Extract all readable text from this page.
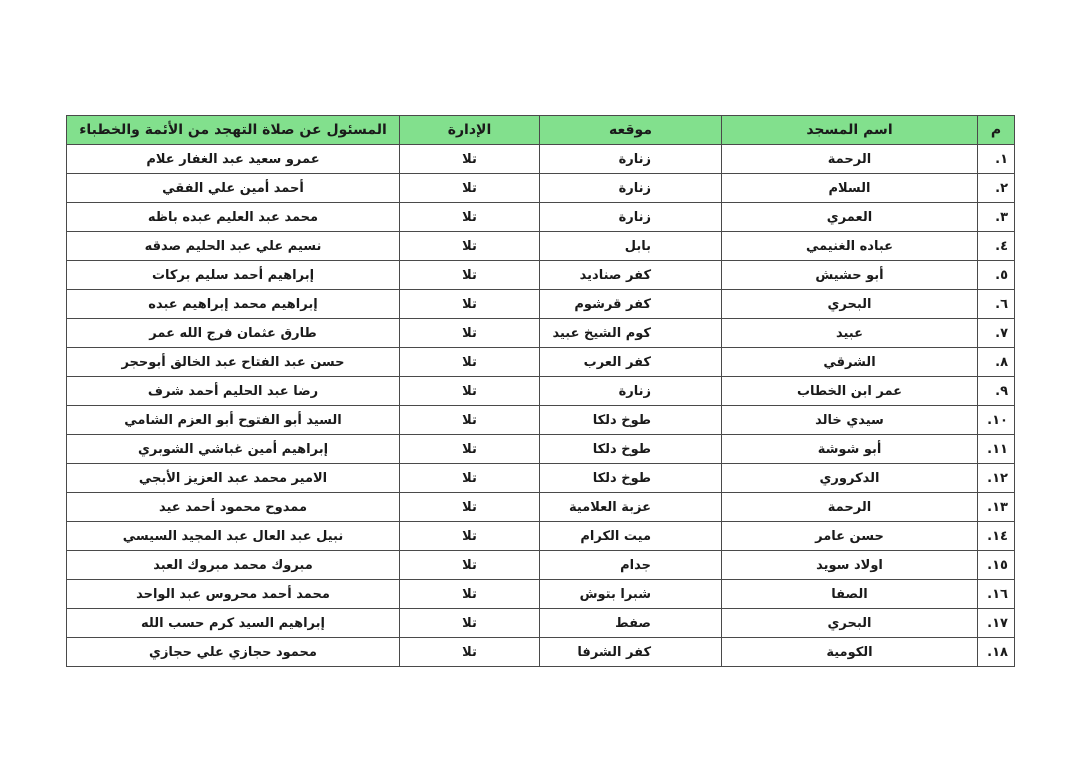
م	اسم المسجد	موقعه	الإدارة	المسئول عن صلاة التهجد من الأئمة والخطباء
١.	الرحمة	زنارة	تلا	عمرو سعيد عبد الغفار علام
٢.	السلام	زنارة	تلا	أحمد أمين علي الفقي
٣.	العمري	زنارة	تلا	محمد عبد العليم عبده باظه
٤.	عباده الغنيمي	بابل	تلا	نسيم علي عبد الحليم صدقه
٥.	أبو حشيش	كفر صناديد	تلا	إبراهيم أحمد سليم بركات
٦.	البحري	كفر قرشوم	تلا	إبراهيم محمد إبراهيم عبده
٧.	عبيد	كوم الشيخ عبيد	تلا	طارق عثمان فرج الله عمر
٨.	الشرقي	كفر العرب	تلا	حسن عبد الفتاح عبد الخالق أبوحجر
٩.	عمر ابن الخطاب	زنارة	تلا	رضا عبد الحليم أحمد شرف
١٠.	سيدي خالد	طوخ دلكا	تلا	السيد أبو الفتوح أبو العزم الشامي
١١.	أبو شوشة	طوخ دلكا	تلا	إبراهيم أمين غباشي الشوبري
١٢.	الدكروري	طوخ دلكا	تلا	الامير محمد عبد العزيز الأبجي
١٣.	الرحمة	عزبة العلامية	تلا	ممدوح محمود أحمد عيد
١٤.	حسن عامر	ميت الكرام	تلا	نبيل عبد العال عبد المجيد السيسي
١٥.	اولاد سويد	جدام	تلا	مبروك محمد مبروك العبد
١٦.	الصفا	شبرا بتوش	تلا	محمد أحمد محروس عبد الواحد
١٧.	البحري	صفط	تلا	إبراهيم السيد كرم حسب الله
١٨.	الكومية	كفر الشرفا	تلا	محمود حجازي علي حجازي
